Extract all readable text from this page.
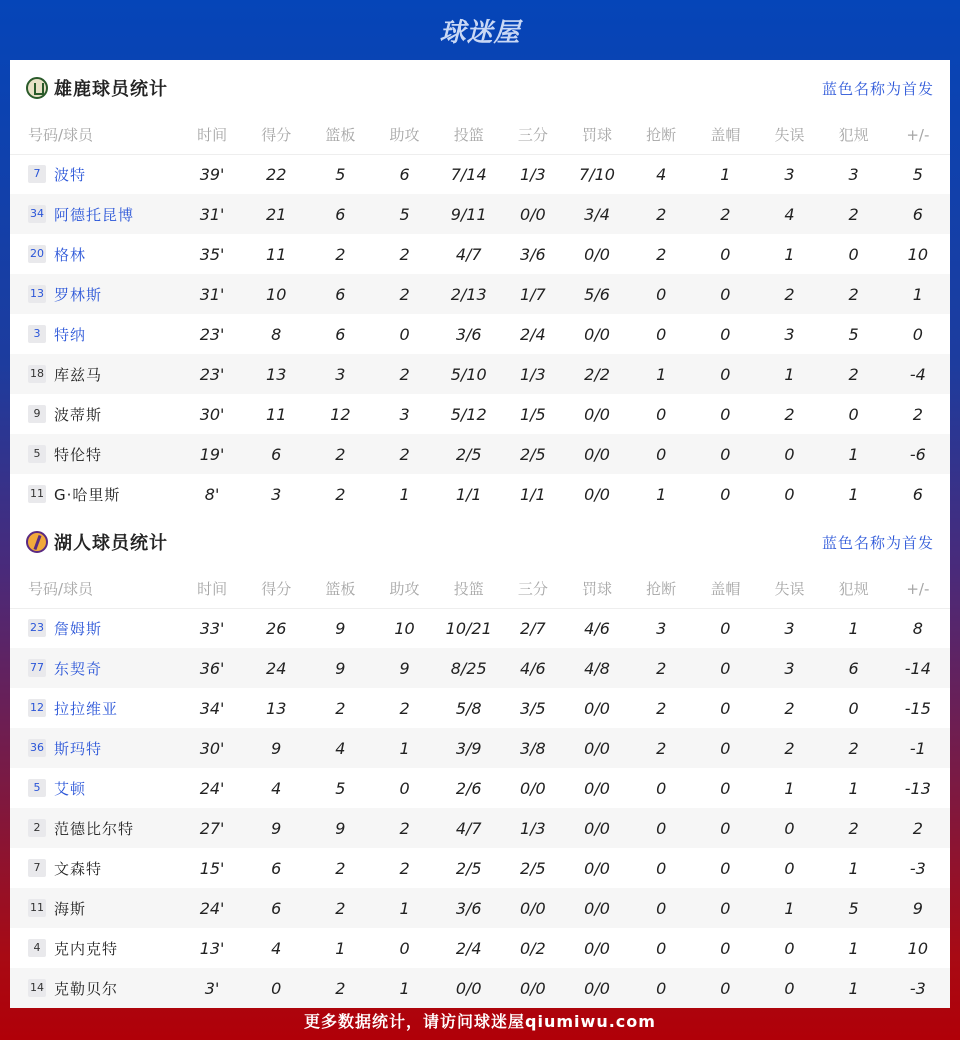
球迷屋
雄鹿球员统计	蓝色名称为首发
号码/球员	时间	得分	篮板	助攻	投篮	三分	罚球	抢断	盖帽	失误	犯规	+/-
7 波特	39'	22	5	6	7/14	1/3	7/10	4	1	3	3	5
34 阿德托昆博	31'	21	6	5	9/11	0/0	3/4	2	2	4	2	6
20 格林	35'	11	2	2	4/7	3/6	0/0	2	0	1	0	10
13 罗林斯	31'	10	6	2	2/13	1/7	5/6	0	0	2	2	1
3 特纳	23'	8	6	0	3/6	2/4	0/0	0	0	3	5	0
18 库兹马	23'	13	3	2	5/10	1/3	2/2	1	0	1	2	-4
9 波蒂斯	30'	11	12	3	5/12	1/5	0/0	0	0	2	0	2
5 特伦特	19'	6	2	2	2/5	2/5	0/0	0	0	0	1	-6
11 G·哈里斯	8'	3	2	1	1/1	1/1	0/0	1	0	0	1	6
湖人球员统计	蓝色名称为首发
号码/球员	时间	得分	篮板	助攻	投篮	三分	罚球	抢断	盖帽	失误	犯规	+/-
23 詹姆斯	33'	26	9	10	10/21	2/7	4/6	3	0	3	1	8
77 东契奇	36'	24	9	9	8/25	4/6	4/8	2	0	3	6	-14
12 拉拉维亚	34'	13	2	2	5/8	3/5	0/0	2	0	2	0	-15
36 斯玛特	30'	9	4	1	3/9	3/8	0/0	2	0	2	2	-1
5 艾顿	24'	4	5	0	2/6	0/0	0/0	0	0	1	1	-13
2 范德比尔特	27'	9	9	2	4/7	1/3	0/0	0	0	0	2	2
7 文森特	15'	6	2	2	2/5	2/5	0/0	0	0	0	1	-3
11 海斯	24'	6	2	1	3/6	0/0	0/0	0	0	1	5	9
4 克内克特	13'	4	1	0	2/4	0/2	0/0	0	0	0	1	10
14 克勒贝尔	3'	0	2	1	0/0	0/0	0/0	0	0	0	1	-3
更多数据统计，请访问球迷屋qiumiwu.com
